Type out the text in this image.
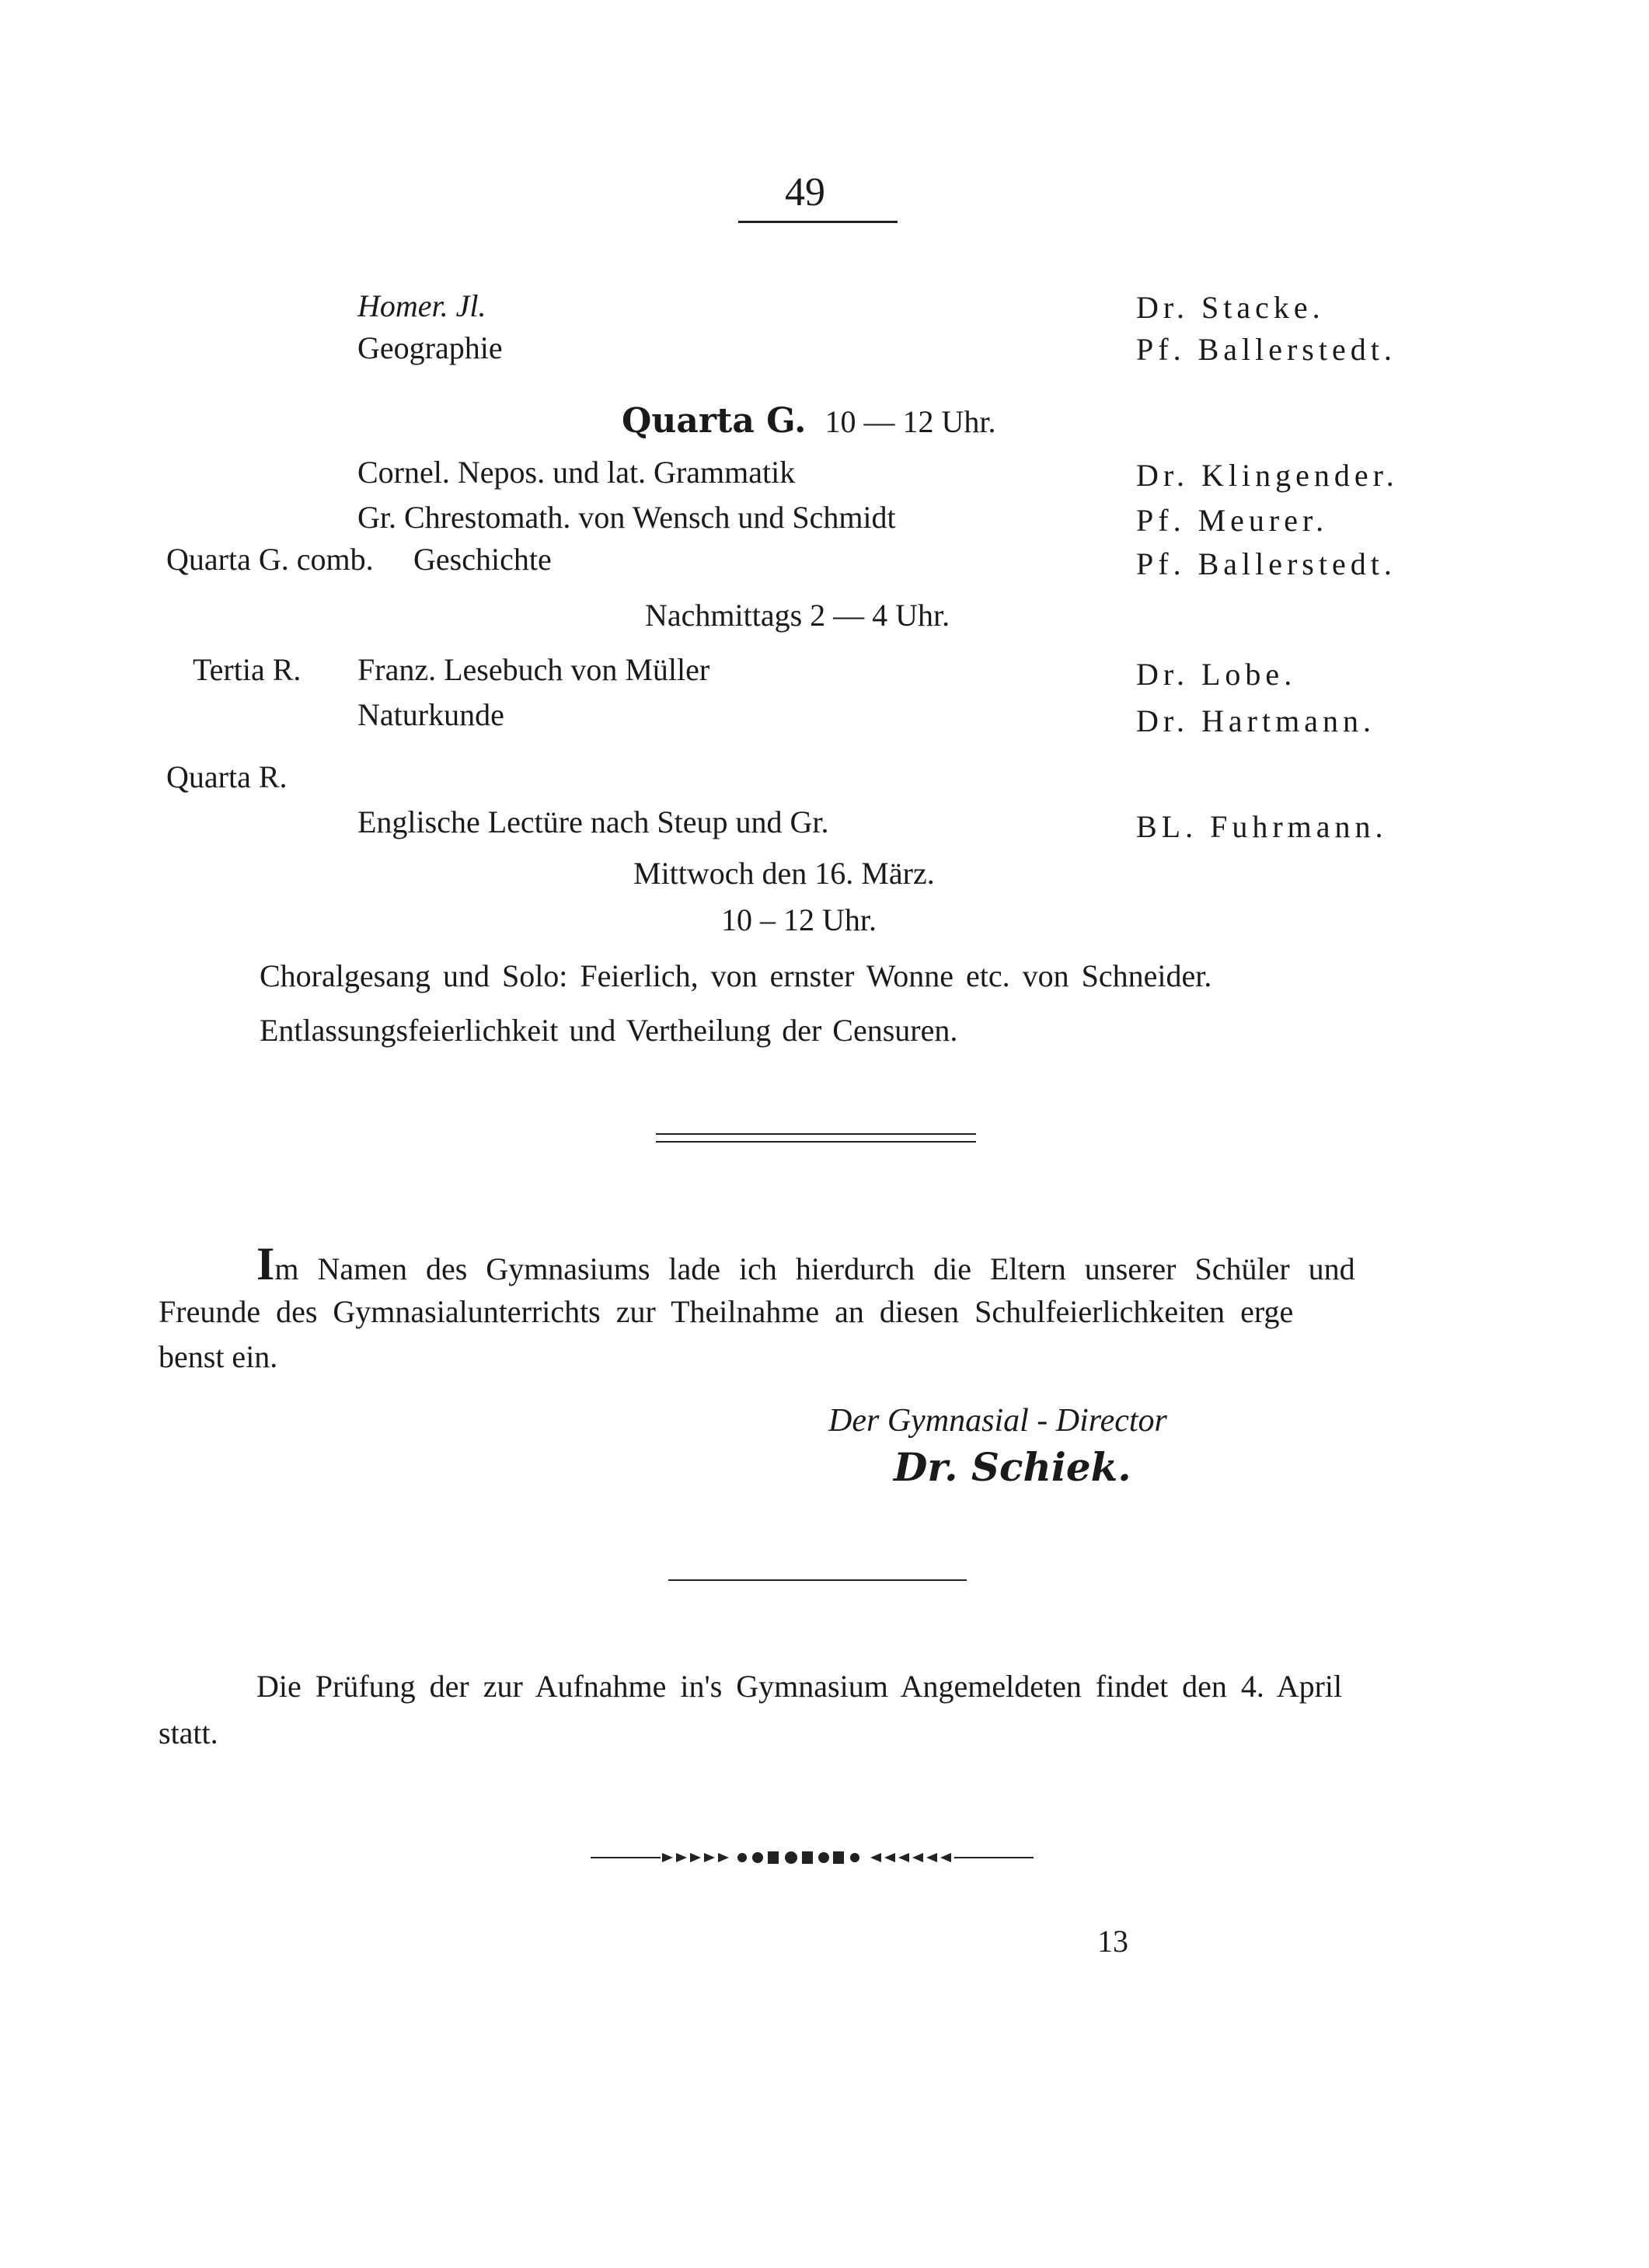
49
Homer. Jl.	Dr. Stacke.
Geographie	Pf. Ballerstedt.
Quarta G. 10 — 12 Uhr.
Cornel. Nepos. und lat. Grammatik	Dr. Klingender.
Gr. Chrestomath. von Wensch und Schmidt	Pf. Meurer.
Quarta G. comb. Geschichte	Pf. Ballerstedt.
Nachmittags 2 — 4 Uhr.
Tertia R. Franz. Lesebuch von Müller	Dr. Lobe.
Naturkunde	Dr. Hartmann.
Quarta R.
Englische Lectüre nach Steup und Gr.	BL. Fuhrmann.
Mittwoch den 16. März.
10 – 12 Uhr.
Choralgesang und Solo: Feierlich, von ernster Wonne etc. von Schneider.
Entlassungsfeierlichkeit und Vertheilung der Censuren.
Im Namen des Gymnasiums lade ich hierdurch die Eltern unserer Schüler und
Freunde des Gymnasialunterrichts zur Theilnahme an diesen Schulfeierlichkeiten erge
benst ein.
Der Gymnasial - Director
Dr. Schiek.
Die Prüfung der zur Aufnahme in's Gymnasium Angemeldeten findet den 4. April
statt.
13
